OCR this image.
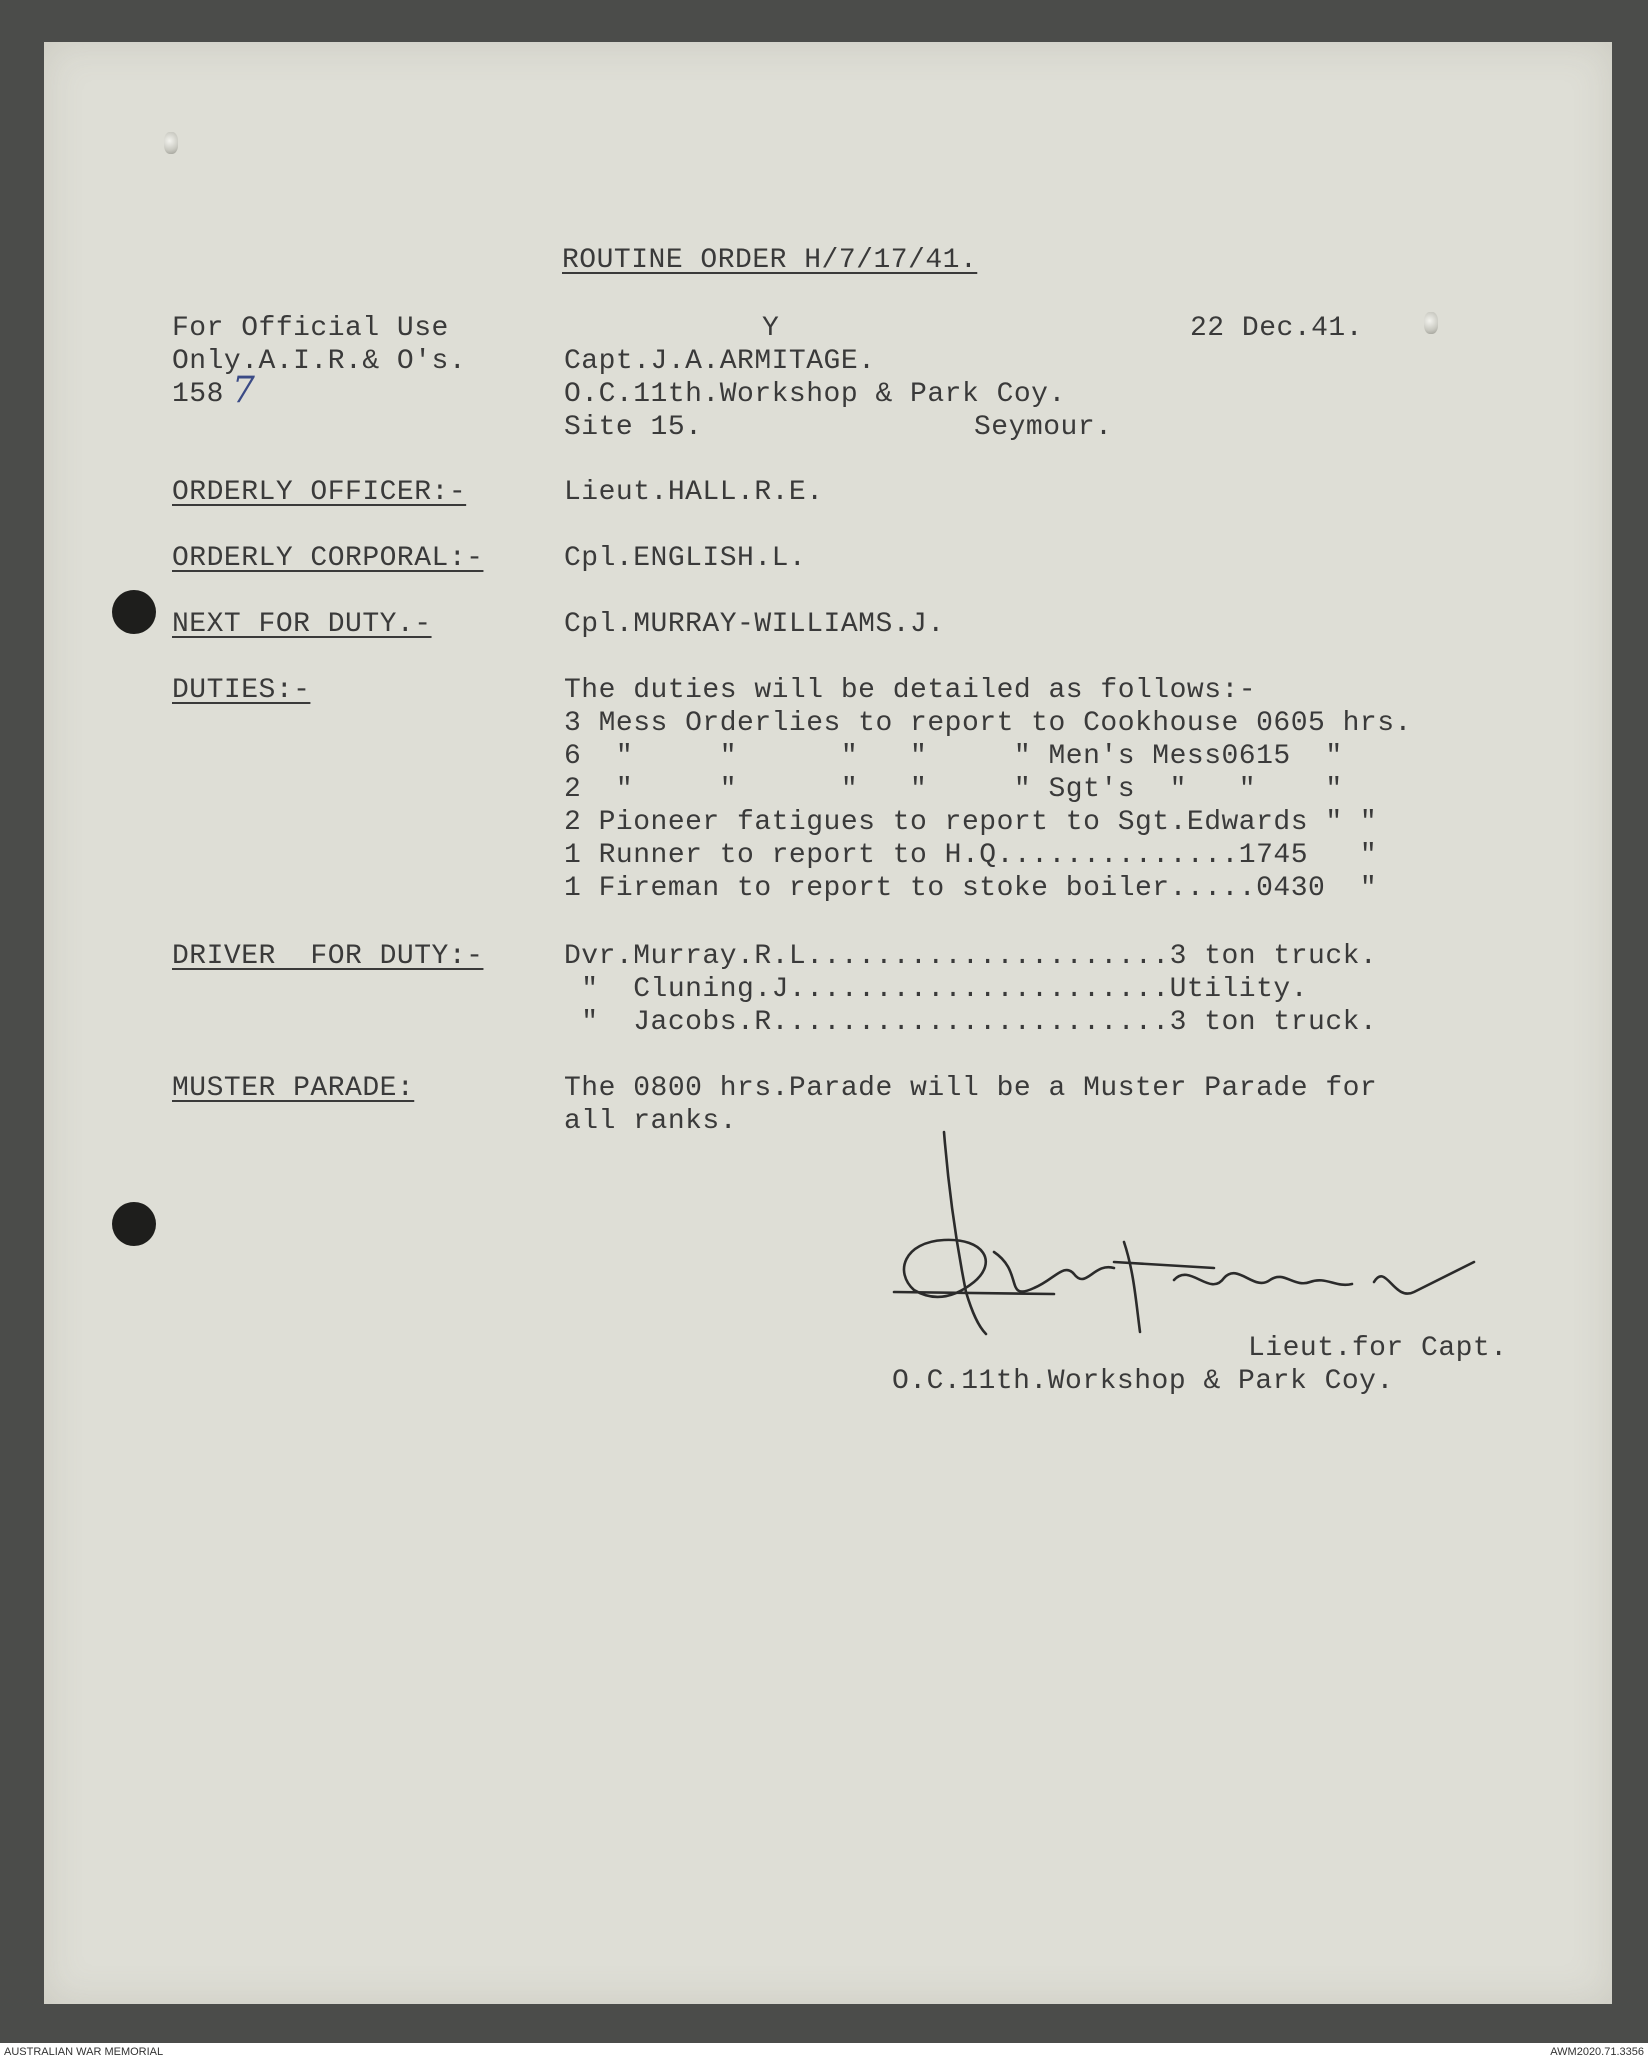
ROUTINE ORDER H/7/17/41.
For Official Use
Only.A.I.R.& O's.
158 7
Y	22 Dec.41.
Capt.J.A.ARMITAGE.
O.C.11th.Workshop & Park Coy.
Site 15.	Seymour.
ORDERLY OFFICER:-	Lieut.HALL.R.E.
ORDERLY CORPORAL:-	Cpl.ENGLISH.L.
NEXT FOR DUTY.-	Cpl.MURRAY-WILLIAMS.J.
DUTIES:-	The duties will be detailed as follows:-
3 Mess Orderlies to report to Cookhouse 0605 hrs.
6  "     "      "   "     " Men's Mess0615  "
2  "     "      "   "     " Sgt's  "   "    "
2 Pioneer fatigues to report to Sgt.Edwards " "
1 Runner to report to H.Q..............1745   "
1 Fireman to report to stoke boiler.....0430  "
DRIVER  FOR DUTY:-	Dvr.Murray.R.L.....................3 ton truck.
"  Cluning.J......................Utility.
"  Jacobs.R.......................3 ton truck.
MUSTER PARADE:	The 0800 hrs.Parade will be a Muster Parade for
all ranks.
Lieut.for Capt.
O.C.11th.Workshop & Park Coy.
AUSTRALIAN WAR MEMORIAL	AWM2020.71.3356
